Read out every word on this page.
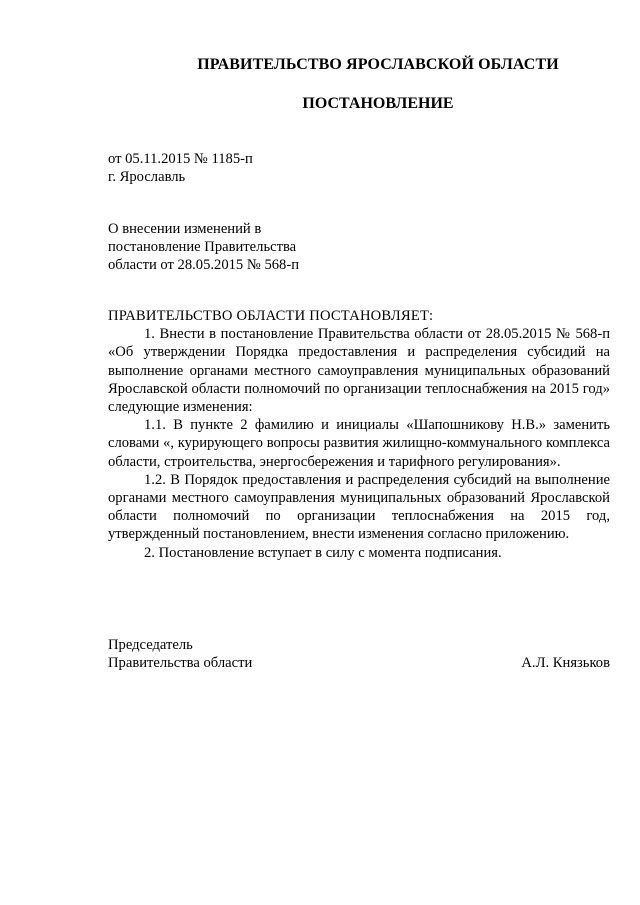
ПРАВИТЕЛЬСТВО ЯРОСЛАВСКОЙ ОБЛАСТИ
ПОСТАНОВЛЕНИЕ
от 05.11.2015 № 1185-п
г. Ярославль
О внесении изменений в
постановление Правительства
области от 28.05.2015 № 568-п

ПРАВИТЕЛЬСТВО ОБЛАСТИ ПОСТАНОВЛЯЕТ:

1. Внести в постановление Правительства области от 28.05.2015 № 568-п «Об утверждении Порядка предоставления и распределения субсидий на выполнение органами местного самоуправления муниципальных образований Ярославской области полномочий по организации теплоснабжения на 2015 год» следующие изменения:

1.1. В пункте 2 фамилию и инициалы «Шапошникову Н.В.» заменить словами «, курирующего вопросы развития жилищно-коммунального комплекса области, строительства, энергосбережения и тарифного регулирования».

1.2. В Порядок предоставления и распределения субсидий на выполнение органами местного самоуправления муниципальных образований Ярославской области полномочий по организации теплоснабжения на 2015 год, утвержденный постановлением, внести изменения согласно приложению.

2. Постановление вступает в силу с момента подписания.

Председатель
Правительства области	А.Л. Князьков
